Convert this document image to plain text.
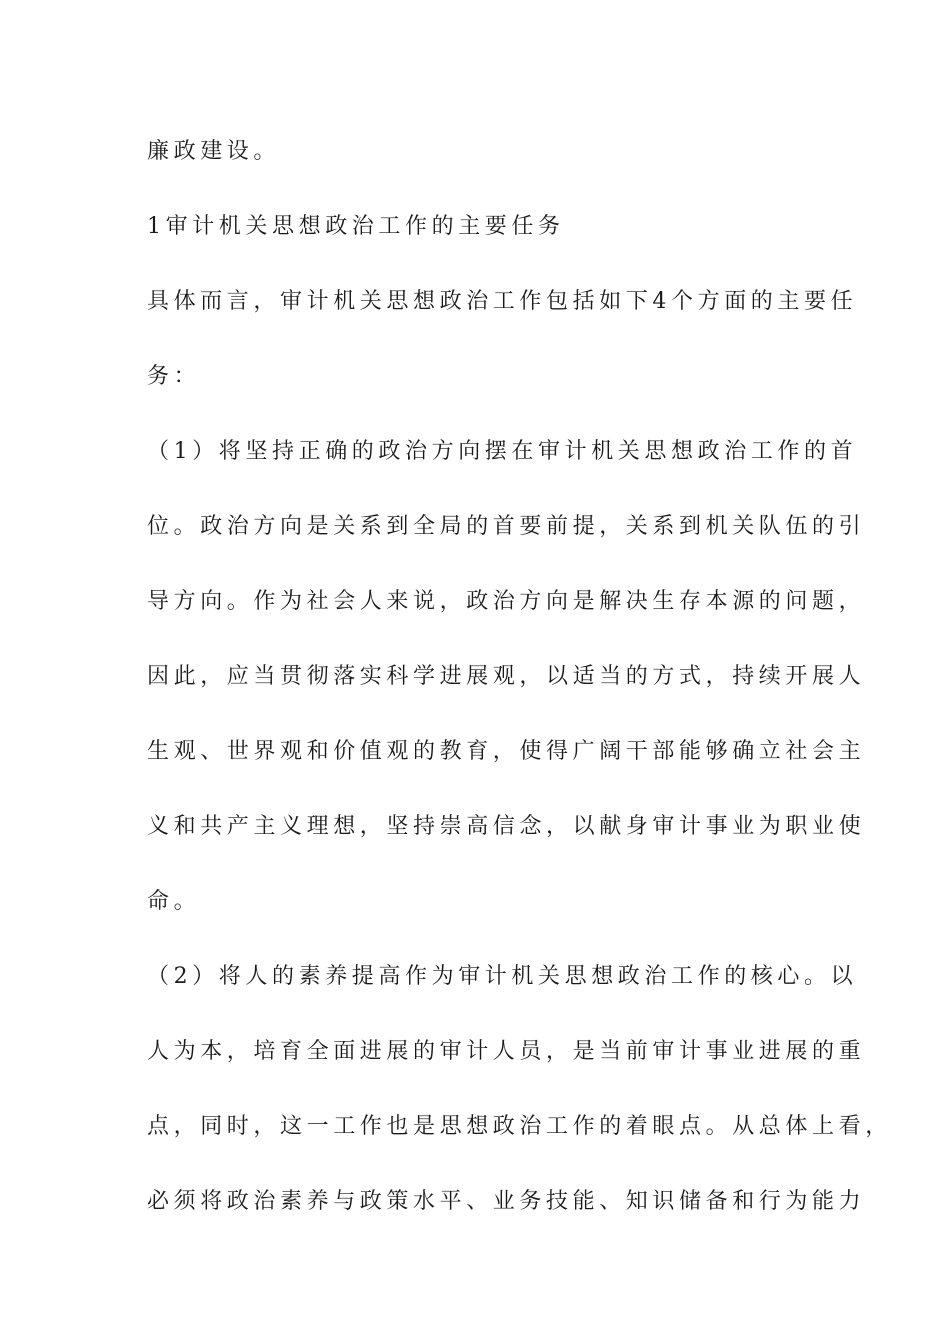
廉政建设。
1审计机关思想政治工作的主要任务
具体而言，审计机关思想政治工作包括如下4个方面的主要任
务：
（1）将坚持正确的政治方向摆在审计机关思想政治工作的首
位。政治方向是关系到全局的首要前提，关系到机关队伍的引
导方向。作为社会人来说，政治方向是解决生存本源的问题，
因此，应当贯彻落实科学进展观，以适当的方式，持续开展人
生观、世界观和价值观的教育，使得广阔干部能够确立社会主
义和共产主义理想，坚持崇高信念，以献身审计事业为职业使
命。
（2）将人的素养提高作为审计机关思想政治工作的核心。以
人为本，培育全面进展的审计人员，是当前审计事业进展的重
点，同时，这一工作也是思想政治工作的着眼点。从总体上看，
必须将政治素养与政策水平、业务技能、知识储备和行为能力
